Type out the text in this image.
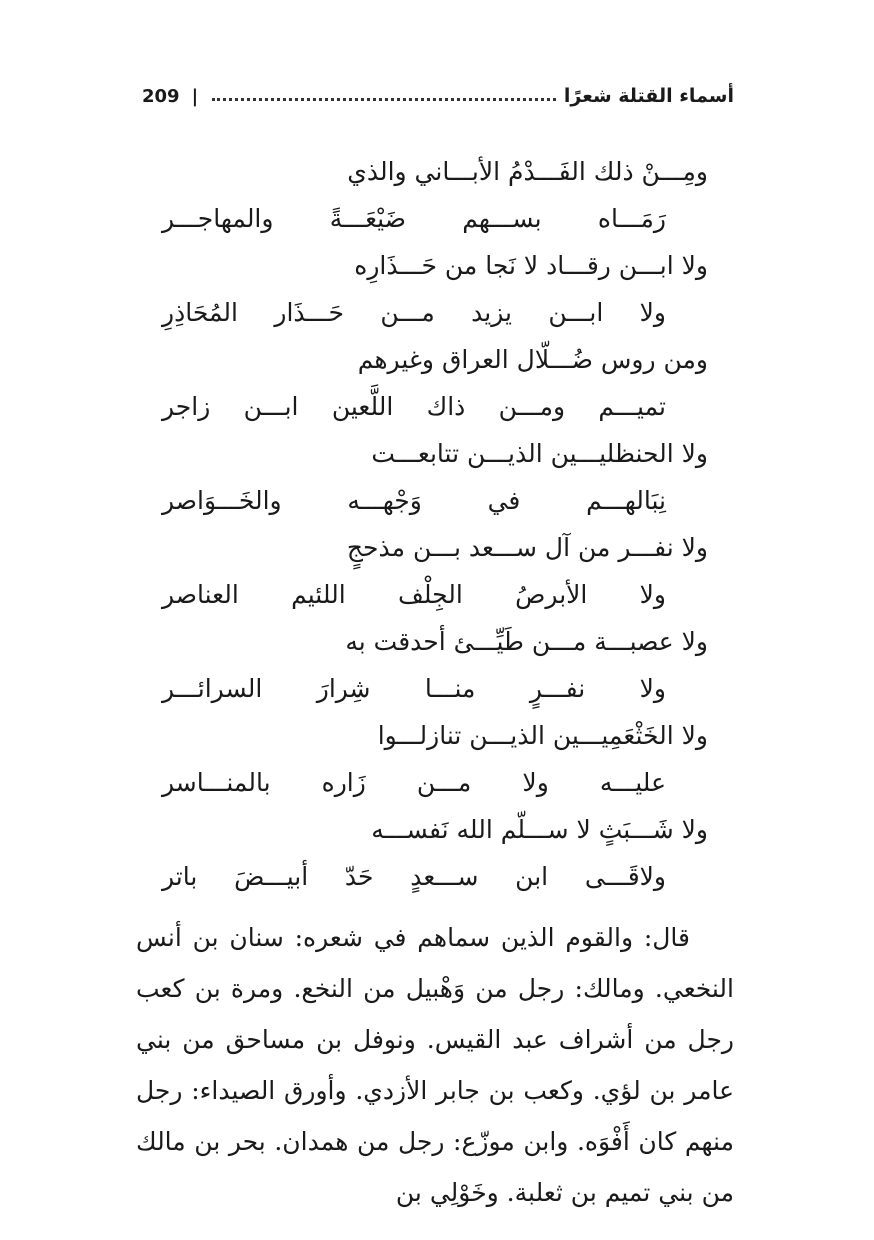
209 |	أسماء القتلة شعرًا
ومِـــنْ ذلك الفَـــدْمُ الأبـــاني والذي
رَمَـــاه بســـهم ضَيْعَـــةً والمهاجـــر
ولا ابـــن رقـــاد لا نَجا من حَـــذَارِه
ولا ابـــن يزيد مـــن حَـــذَار المُحَاذِرِ
ومن روس ضُـــلّال العراق وغيرهم
تميـــم ومـــن ذاك اللَّعين ابـــن زاجر
ولا الحنظليـــين الذيـــن تتابعـــت
نِبَالهـــم في وَجْهـــه والخَـــوَاصر
ولا نفـــر من آل ســـعد بـــن مذحجٍ
ولا الأبرصُ الجِلْف اللئيم العناصر
ولا عصبـــة مـــن طَيِّـــئ أحدقت به
ولا نفـــرٍ منـــا شِرارَ السرائـــر
ولا الخَثْعَمِيـــين الذيـــن تنازلـــوا
عليـــه ولا مـــن زَاره بالمنـــاسر
ولا شَـــبَثٍ لا ســـلّم الله نَفســـه
ولاقَـــى ابن ســـعدٍ حَدّ أبيـــضَ باتر

قال: والقوم الذين سماهم في شعره: سنان بن أنس النخعي. ومالك: رجل من وَهْبيل من النخع. ومرة بن كعب رجل من أشراف عبد القيس. ونوفل بن مساحق من بني عامر بن لؤي. وكعب بن جابر الأزدي. وأورق الصيداء: رجل منهم كان أَفْوَه. وابن موزّع: رجل من همدان. بحر بن مالك من بني تميم بن ثعلبة. وخَوْلِي بن
